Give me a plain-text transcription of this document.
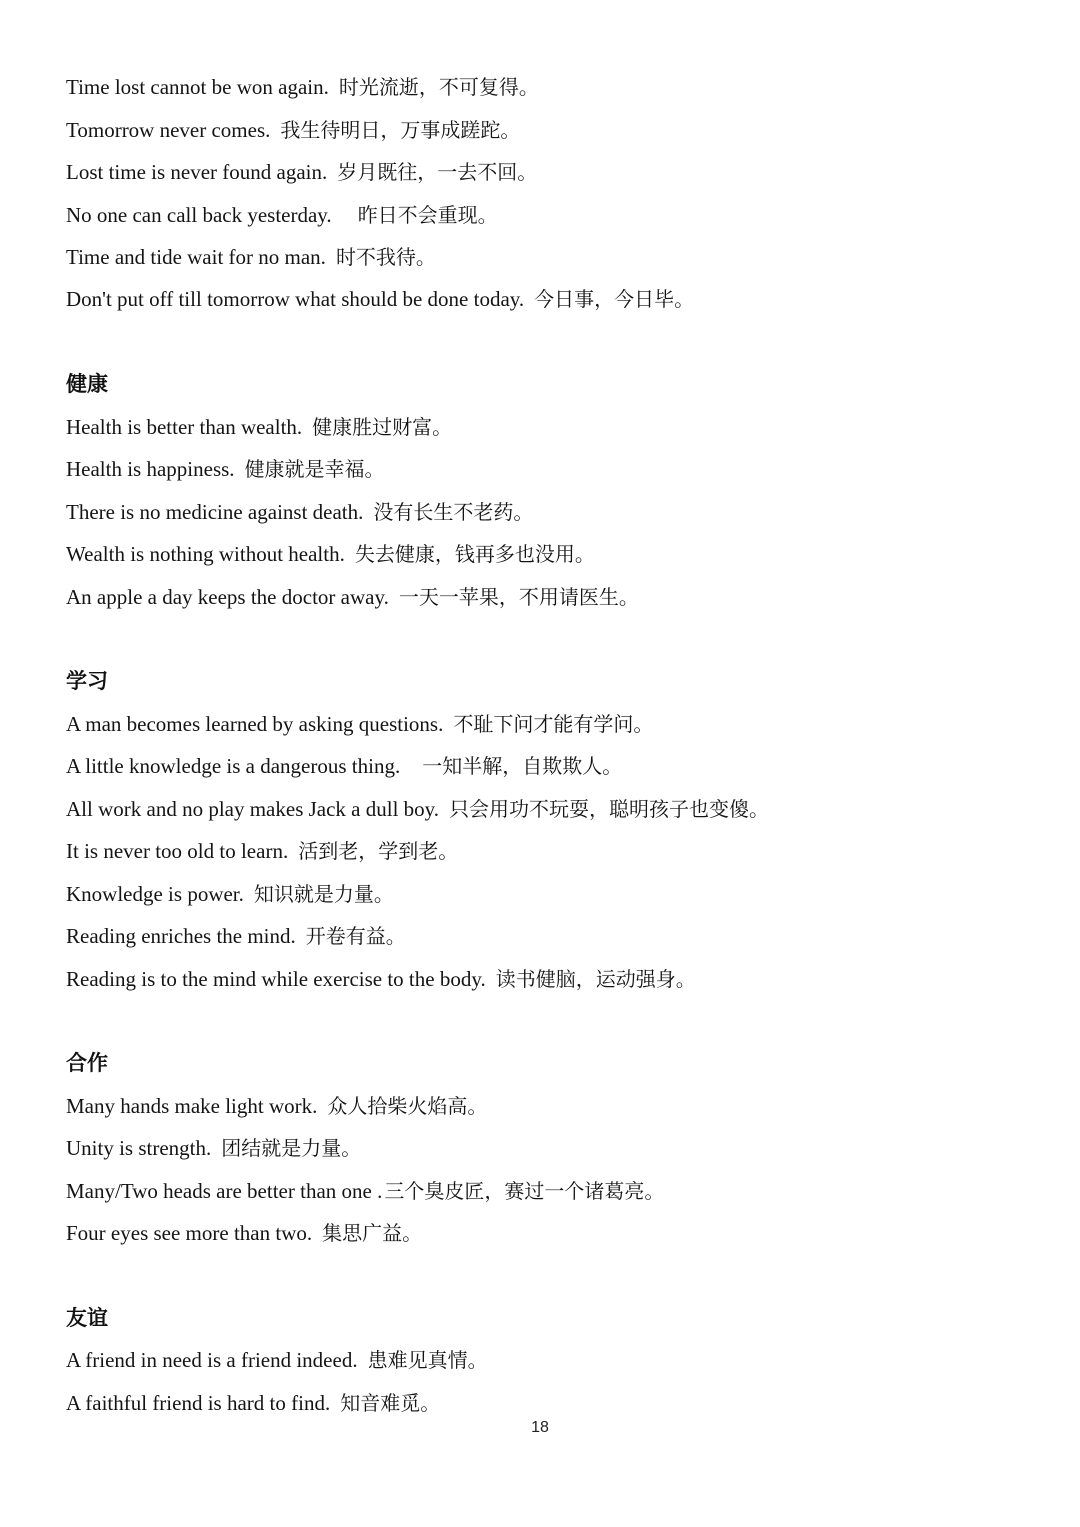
Time lost cannot be won again. 时光流逝，不可复得。
Tomorrow never comes. 我生待明日，万事成蹉跎。
Lost time is never found again. 岁月既往，一去不回。
No one can call back yesterday. 昨日不会重现。
Time and tide wait for no man. 时不我待。
Don't put off till tomorrow what should be done today. 今日事，今日毕。
健康
Health is better than wealth. 健康胜过财富。
Health is happiness. 健康就是幸福。
There is no medicine against death. 没有长生不老药。
Wealth is nothing without health. 失去健康，钱再多也没用。
An apple a day keeps the doctor away. 一天一苹果，不用请医生。
学习
A man becomes learned by asking questions. 不耻下问才能有学问。
A little knowledge is a dangerous thing. 一知半解，自欺欺人。
All work and no play makes Jack a dull boy. 只会用功不玩耍，聪明孩子也变傻。
It is never too old to learn. 活到老，学到老。
Knowledge is power. 知识就是力量。
Reading enriches the mind. 开卷有益。
Reading is to the mind while exercise to the body. 读书健脑，运动强身。
合作
Many hands make light work. 众人拾柴火焰高。
Unity is strength. 团结就是力量。
Many/Two heads are better than one . 三个臭皮匠，赛过一个诸葛亮。
Four eyes see more than two. 集思广益。
友谊
A friend in need is a friend indeed. 患难见真情。
A faithful friend is hard to find. 知音难觅。
18
